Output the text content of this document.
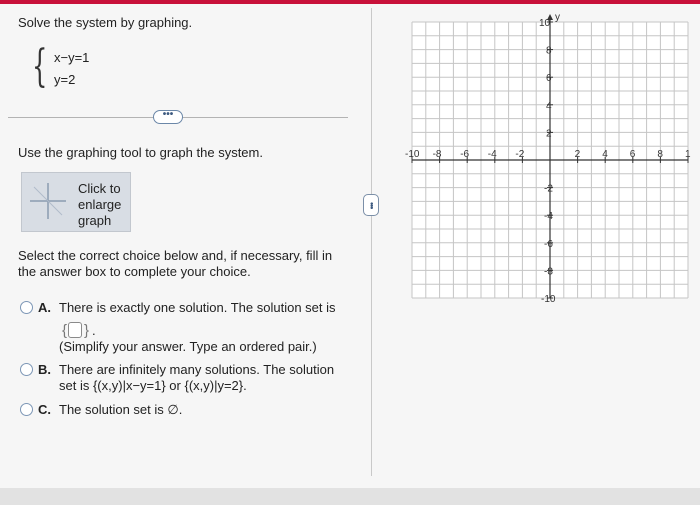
•••
Solve the system by graphing.
{ x−y=1
y=2
•••
Use the graphing tool to graph the system.
Click to
enlarge
graph
Select the correct choice below and, if necessary, fill in the answer box to complete your choice.
A. There is exactly one solution. The solution set is
{ } .
(Simplify your answer. Type an ordered pair.)
B. There are infinitely many solutions. The solution
set is {(x,y)|x−y=1} or {(x,y)|y=2}.
C. The solution set is ∅.
y
-10 -8 -6 -4 -2	2 4 6 8 1
10
8
6
4
2
-2
-4
-6
-8
-10
